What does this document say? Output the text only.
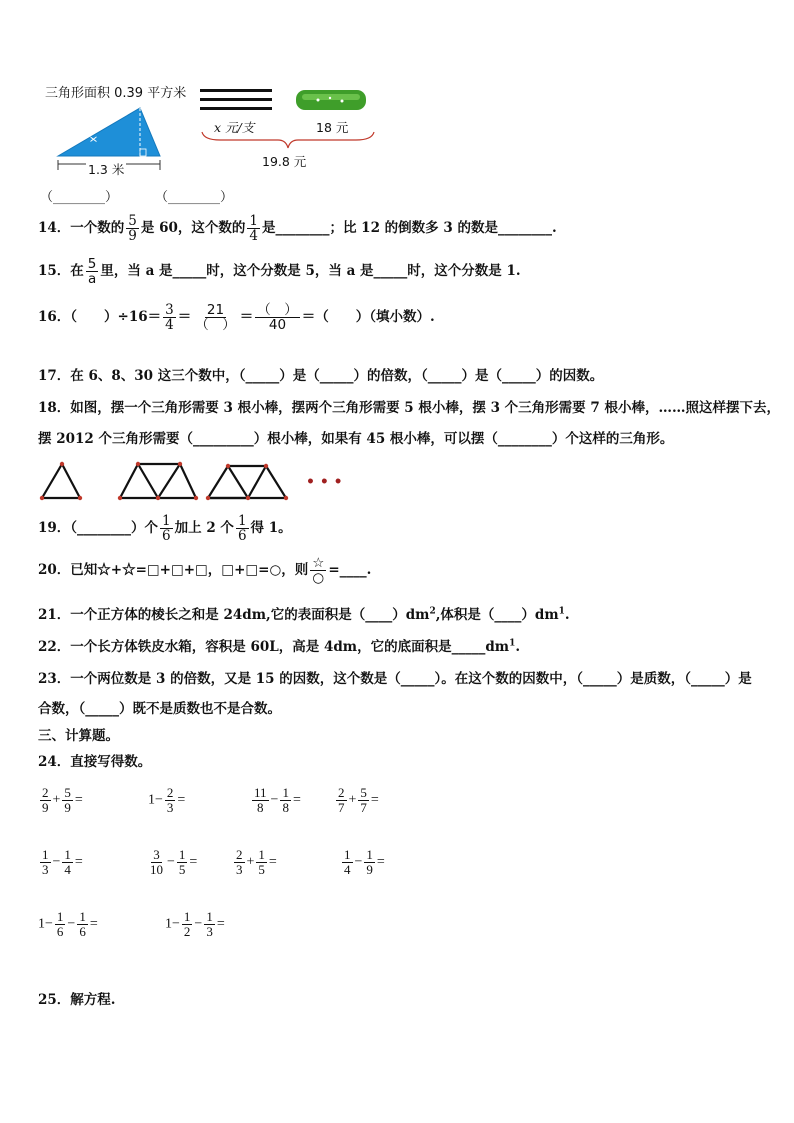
三角形面积 0.39 平方米
x 米
1.3 米
（________）
x 元/支	18 元
19.8 元
（________）
14．一个数的 $\frac{5}{9}$ 是 60，这个数的 $\frac{1}{4}$ 是________；比 12 的倒数多 3 的数是________.
15．在 $\frac{5}{a}$ 里，当 a 是_____时，这个分数是 5，当 a 是_____时，这个分数是 1.
16．（　　）$\div 16= \frac{3}{4} = \frac{21}{( )} = \frac{( )}{40}$ ＝（　　）（填小数）.
17．在 6、8、30 这三个数中，（_____）是（_____）的倍数，（_____）是（_____）的因数。
18．如图，摆一个三角形需要 3 根小棒，摆两个三角形需要 5 根小棒，摆 3 个三角形需要 7 根小棒，……照这样摆下去，
摆 2012 个三角形需要（_________）根小棒，如果有 45 根小棒，可以摆（________）个这样的三角形。
• • •
19．（________）个 $\frac{1}{6}$ 加上 2 个 $\frac{1}{6}$ 得 1。
20．已知☆+☆=□+□+□，□+□=○，则 $\frac{☆}{○}$ =____.
21．一个正方体的棱长之和是 24dm,它的表面积是$(\_\_\_\_)dm^2$,体积是$(\_\_\_\_)dm^1$.
22．一个长方体铁皮水箱，容积是 60L，高是 4dm，它的底面积是$\_\_\_\_\_dm^1$.
23．一个两位数是 3 的倍数，又是 15 的因数，这个数是（_____）。在这个数的因数中，（_____）是质数，（_____）是
合数，（_____）既不是质数也不是合数。
三、计算题。
24．直接写得数。
$\frac{2}{9} + \frac{5}{9}$ =	$1- \frac{2}{3}$ =	$\frac{11}{8} - \frac{1}{8}$ =	$\frac{2}{7} + \frac{5}{7}$ =
$\frac{1}{3} - \frac{1}{4}$ =	$\frac{3}{10} - \frac{1}{5}$ =	$\frac{2}{3} + \frac{1}{5}$ =	$\frac{1}{4} - \frac{1}{9}$ =
$1- \frac{1}{6} - \frac{1}{6}$ =	$1- \frac{1}{2} - \frac{1}{3}$ =
25．解方程.
